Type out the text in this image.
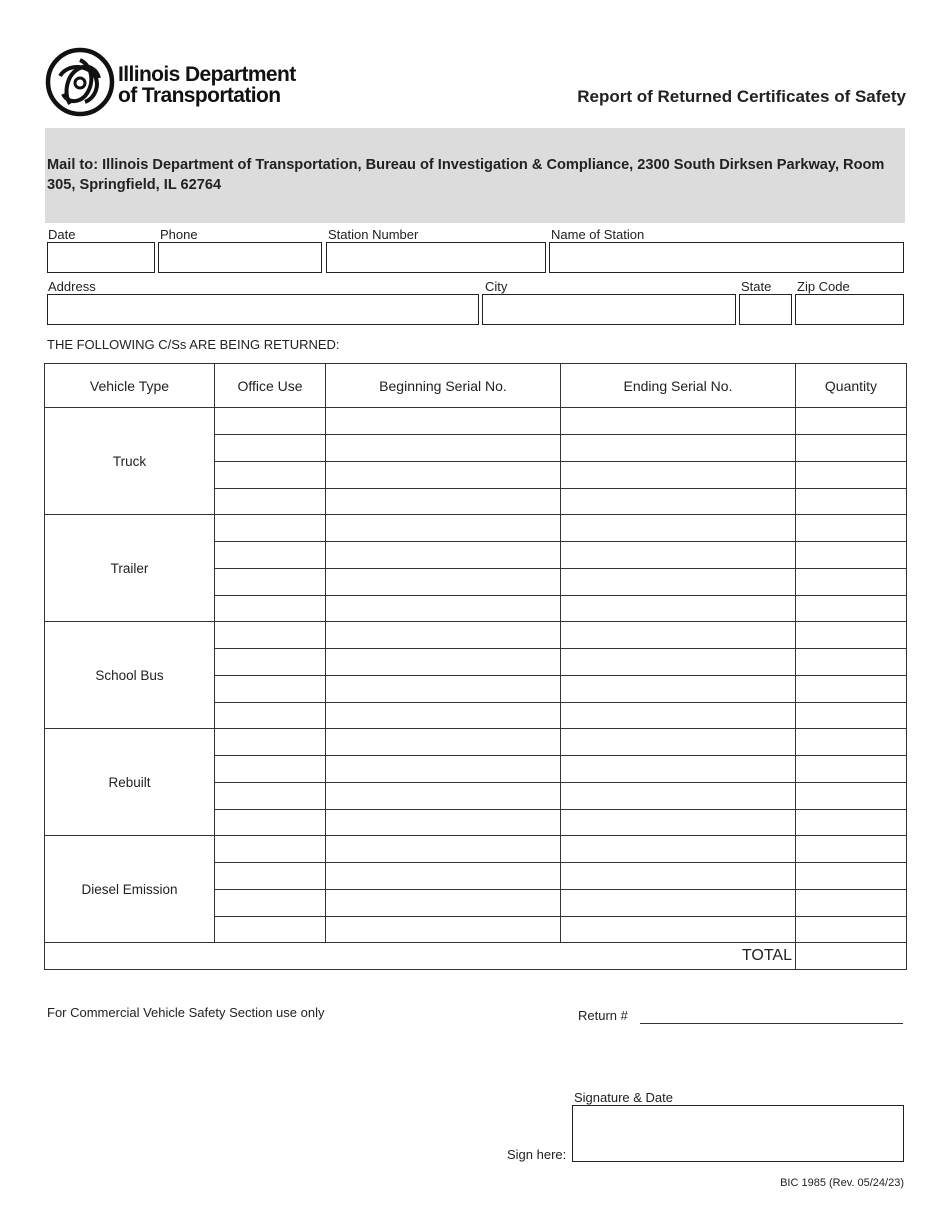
Illinois Department
of Transportation	Report of Returned Certificates of Safety
Mail to: Illinois Department of Transportation, Bureau of Investigation & Compliance, 2300 South Dirksen Parkway, Room 305, Springfield, IL 62764
Date	Phone	Station Number	Name of Station
Address	City	State Zip Code
THE FOLLOWING C/Ss ARE BEING RETURNED:
Vehicle Type	Office Use	Beginning Serial No.	Ending Serial No.	Quantity
Truck				

Trailer				

School Bus				

Rebuilt				

Diesel Emission				

TOTAL				
For Commercial Vehicle Safety Section use only	Return #
Signature & Date
Sign here:
BIC 1985 (Rev. 05/24/23)
